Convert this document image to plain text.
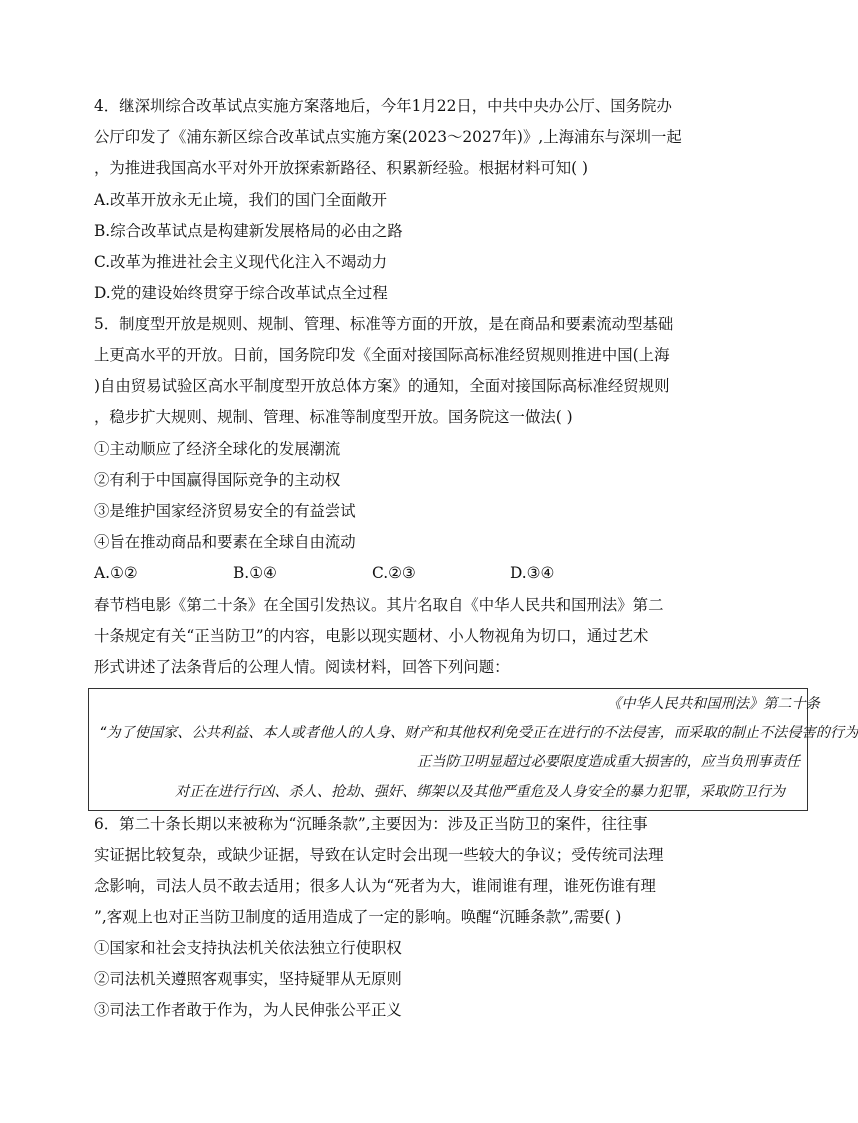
4．继深圳综合改革试点实施方案落地后，今年1月22日，中共中央办公厅、国务院办

公厅印发了《浦东新区综合改革试点实施方案(2023～2027年)》,上海浦东与深圳一起

，为推进我国高水平对外开放探索新路径、积累新经验。根据材料可知( )

A.改革开放永无止境，我们的国门全面敞开

B.综合改革试点是构建新发展格局的必由之路

C.改革为推进社会主义现代化注入不竭动力

D.党的建设始终贯穿于综合改革试点全过程

5．制度型开放是规则、规制、管理、标准等方面的开放，是在商品和要素流动型基础

上更高水平的开放。日前，国务院印发《全面对接国际高标准经贸规则推进中国(上海

)自由贸易试验区高水平制度型开放总体方案》的通知，全面对接国际高标准经贸规则

，稳步扩大规则、规制、管理、标准等制度型开放。国务院这一做法( )

①主动顺应了经济全球化的发展潮流

②有利于中国赢得国际竞争的主动权

③是维护国家经济贸易安全的有益尝试

④旨在推动商品和要素在全球自由流动

A.①②	B.①④	C.②③	D.③④

春节档电影《第二十条》在全国引发热议。其片名取自《中华人民共和国刑法》第二

十条规定有关“正当防卫”的内容，电影以现实题材、小人物视角为切口，通过艺术

形式讲述了法条背后的公理人情。阅读材料，回答下列问题：

《中华人民共和国刑法》第二十条

“为了使国家、公共利益、本人或者他人的人身、财产和其他权利免受正在进行的不法侵害，而采取的制止不法侵害的行为

正当防卫明显超过必要限度造成重大损害的，应当负刑事责任

对正在进行行凶、杀人、抢劫、强奸、绑架以及其他严重危及人身安全的暴力犯罪，采取防卫行为

6．第二十条长期以来被称为“沉睡条款”,主要因为：涉及正当防卫的案件，往往事

实证据比较复杂，或缺少证据，导致在认定时会出现一些较大的争议；受传统司法理

念影响，司法人员不敢去适用；很多人认为“死者为大，谁闹谁有理，谁死伤谁有理

”,客观上也对正当防卫制度的适用造成了一定的影响。唤醒“沉睡条款”,需要( )

①国家和社会支持执法机关依法独立行使职权

②司法机关遵照客观事实，坚持疑罪从无原则

③司法工作者敢于作为，为人民伸张公平正义
